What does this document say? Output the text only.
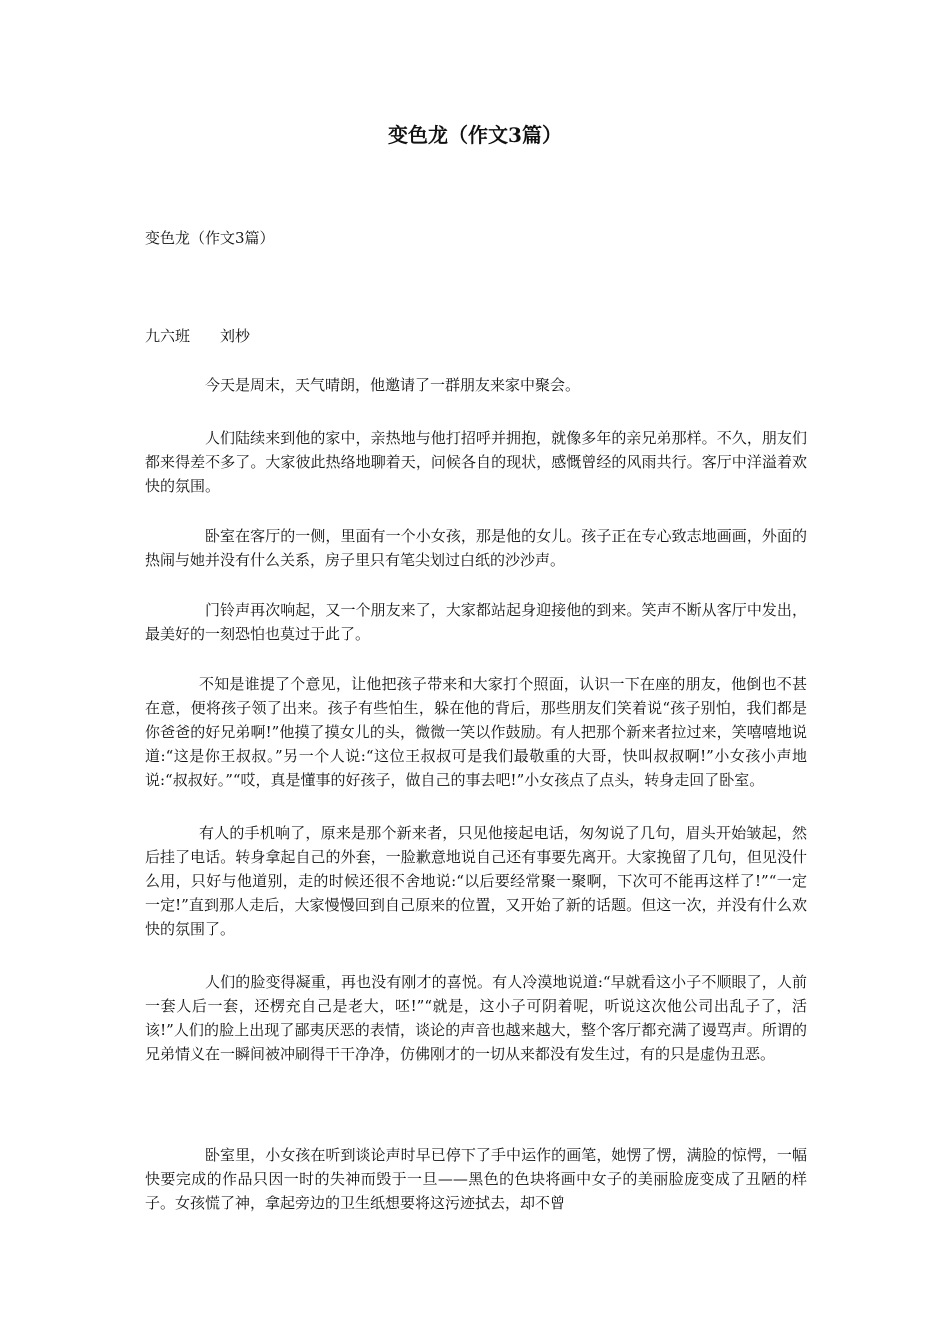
变色龙（作文3篇）
变色龙（作文3篇）
九六班 刘杪

今天是周末，天气晴朗，他邀请了一群朋友来家中聚会。

人们陆续来到他的家中，亲热地与他打招呼并拥抱，就像多年的亲兄弟那样。不久，朋友们都来得差不多了。大家彼此热络地聊着天，问候各自的现状，感慨曾经的风雨共行。客厅中洋溢着欢快的氛围。

卧室在客厅的一侧，里面有一个小女孩，那是他的女儿。孩子正在专心致志地画画，外面的热闹与她并没有什么关系，房子里只有笔尖划过白纸的沙沙声。

门铃声再次响起，又一个朋友来了，大家都站起身迎接他的到来。笑声不断从客厅中发出，最美好的一刻恐怕也莫过于此了。

不知是谁提了个意见，让他把孩子带来和大家打个照面，认识一下在座的朋友，他倒也不甚在意，便将孩子领了出来。孩子有些怕生，躲在他的背后，那些朋友们笑着说“孩子别怕，我们都是你爸爸的好兄弟啊!”他摸了摸女儿的头，微微一笑以作鼓励。有人把那个新来者拉过来，笑嘻嘻地说道:“这是你王叔叔。”另一个人说:“这位王叔叔可是我们最敬重的大哥，快叫叔叔啊!”小女孩小声地说:“叔叔好。”“哎，真是懂事的好孩子，做自己的事去吧!”小女孩点了点头，转身走回了卧室。

有人的手机响了，原来是那个新来者，只见他接起电话，匆匆说了几句，眉头开始皱起，然后挂了电话。转身拿起自己的外套，一脸歉意地说自己还有事要先离开。大家挽留了几句，但见没什么用，只好与他道别，走的时候还很不舍地说:“以后要经常聚一聚啊，下次可不能再这样了!”“一定一定!”直到那人走后，大家慢慢回到自己原来的位置，又开始了新的话题。但这一次，并没有什么欢快的氛围了。

人们的脸变得凝重，再也没有刚才的喜悦。有人冷漠地说道:“早就看这小子不顺眼了，人前一套人后一套，还楞充自己是老大，呸!”“就是，这小子可阴着呢，听说这次他公司出乱子了，活该!”人们的脸上出现了鄙夷厌恶的表情，谈论的声音也越来越大，整个客厅都充满了谩骂声。所谓的兄弟情义在一瞬间被冲刷得干干净净，仿佛刚才的一切从来都没有发生过，有的只是虚伪丑恶。

卧室里，小女孩在听到谈论声时早已停下了手中运作的画笔，她愣了愣，满脸的惊愕，一幅快要完成的作品只因一时的失神而毁于一旦——黑色的色块将画中女子的美丽脸庞变成了丑陋的样子。女孩慌了神，拿起旁边的卫生纸想要将这污迹拭去，却不曾
